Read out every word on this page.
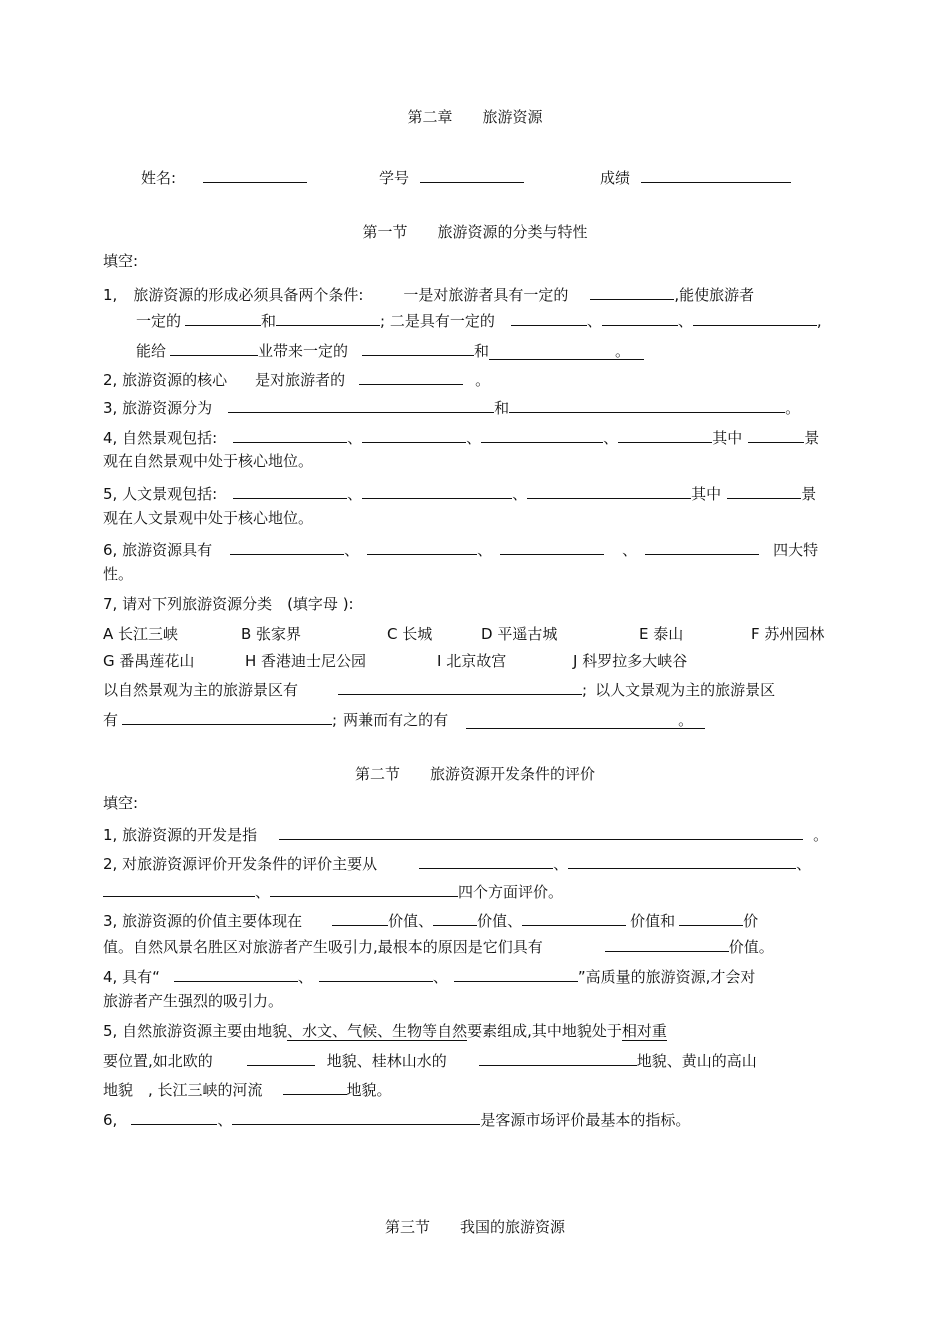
第二章　　旅游资源
姓名:	学号	成绩
第一节　　旅游资源的分类与特性
填空:
1, 旅游资源的形成必须具备两个条件:	一是对旅游者具有一定的	,能使旅游者
一定的	和	; 二是具有一定的	、	、	,
能给	业带来一定的	和	。
2, 旅游资源的核心 是对旅游者的	。
3, 旅游资源分为	和	。
4, 自然景观包括:	、	、	、	其中	景
观在自然景观中处于核心地位。
5, 人文景观包括:	、	、	其中	景
观在人文景观中处于核心地位。
6, 旅游资源具有	、	、	、	四大特
性。
7, 请对下列旅游资源分类　(填字母 ):
A 长江三峡	B 张家界	C 长城	D 平遥古城	E 泰山	F 苏州园林
G 番禺莲花山	H 香港迪士尼公园	I 北京故宫	J 科罗拉多大峡谷
以自然景观为主的旅游景区有	; 以人文景观为主的旅游景区
有	; 两兼而有之的有	。
第二节　　旅游资源开发条件的评价
填空:
1, 旅游资源的开发是指	。
2, 对旅游资源评价开发条件的评价主要从	、	、
、	四个方面评价。
3, 旅游资源的价值主要体现在	价值、	价值、	价值和	价
值。自然风景名胜区对旅游者产生吸引力,最根本的原因是它们具有	价值。
4, 具有“	、	、	”高质量的旅游资源,才会对
旅游者产生强烈的吸引力。
5, 自然旅游资源主要由地貌、水文、气候、生物等自然要素组成,其中地貌处于相对重
要位置,如北欧的	地貌、桂林山水的	地貌、黄山的高山
地貌　, 长江三峡的河流	地貌。
6,	、	是客源市场评价最基本的指标。
第三节　　我国的旅游资源
